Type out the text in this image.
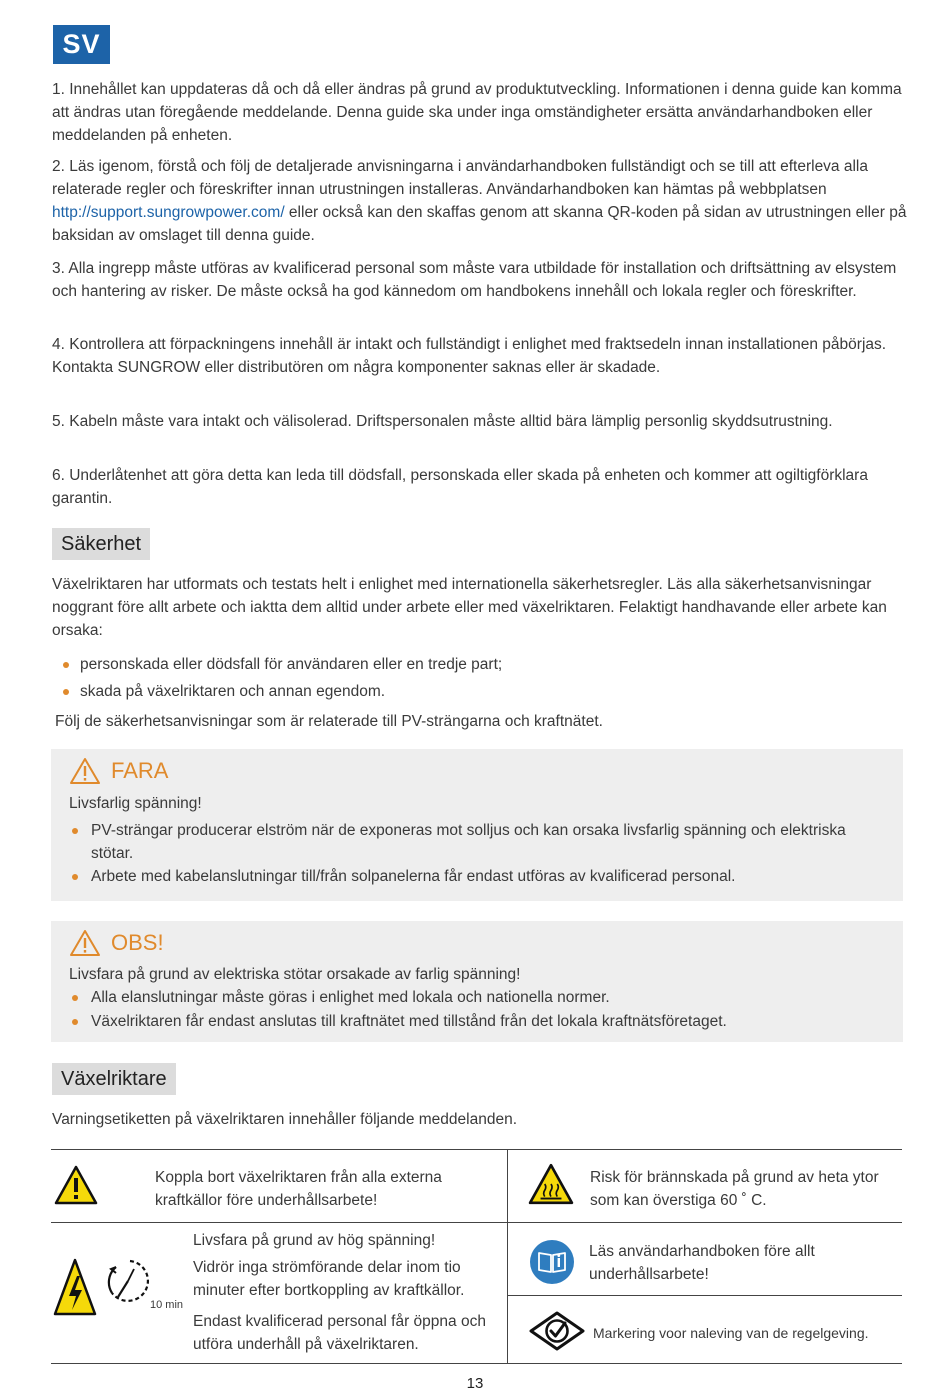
SV

1. Innehållet kan uppdateras då och då eller ändras på grund av produktutveckling. Informationen i denna guide kan komma att ändras utan föregående meddelande. Denna guide ska under inga omständigheter ersätta användarhandboken eller meddelanden på enheten.

2. Läs igenom, förstå och följ de detaljerade anvisningarna i användarhandboken fullständigt och se till att efterleva alla relaterade regler och föreskrifter innan utrustningen installeras. Användarhandboken kan hämtas på webbplatsen http://support.sungrowpower.com/ eller också kan den skaffas genom att skanna QR-koden på sidan av utrustningen eller på baksidan av omslaget till denna guide.

3. Alla ingrepp måste utföras av kvalificerad personal som måste vara utbildade för installation och driftsättning av elsystem och hantering av risker. De måste också ha god kännedom om handbokens innehåll och lokala regler och föreskrifter.

4. Kontrollera att förpackningens innehåll är intakt och fullständigt i enlighet med fraktsedeln innan installationen påbörjas. Kontakta SUNGROW eller distributören om några komponenter saknas eller är skadade.

5. Kabeln måste vara intakt och välisolerad. Driftspersonalen måste alltid bära lämplig personlig skyddsutrustning.

6. Underlåtenhet att göra detta kan leda till dödsfall, personskada eller skada på enheten och kommer att ogiltigförklara garantin.

Säkerhet

Växelriktaren har utformats och testats helt i enlighet med internationella säkerhetsregler. Läs alla säkerhetsanvisningar noggrant före allt arbete och iaktta dem alltid under arbete eller med växelriktaren. Felaktigt handhavande eller arbete kan orsaka:

personskada eller dödsfall för användaren eller en tredje part;
skada på växelriktaren och annan egendom.

Följ de säkerhetsanvisningar som är relaterade till PV-strängarna och kraftnätet.

FARA
Livsfarlig spänning!
PV-strängar producerar elström när de exponeras mot solljus och kan orsaka livsfarlig spänning och elektriska stötar.
Arbete med kabelanslutningar till/från solpanelerna får endast utföras av kvalificerad personal.
OBS!
Livsfara på grund av elektriska stötar orsakade av farlig spänning!
Alla elanslutningar måste göras i enlighet med lokala och nationella normer.
Växelriktaren får endast anslutas till kraftnätet med tillstånd från det lokala kraftnätsföretaget.
Växelriktare

Varningsetiketten på växelriktaren innehåller följande meddelanden.

Koppla bort växelriktaren från alla externa kraftkällor före underhållsarbete!
Risk för brännskada på grund av heta ytor som kan överstiga 60 ˚ C.
10 min
Livsfara på grund av hög spänning!
Vidrör inga strömförande delar inom tio minuter efter bortkoppling av kraftkällor.
Endast kvalificerad personal får öppna och utföra underhåll på växelriktaren.
Läs användarhandboken före allt underhållsarbete!
Markering voor naleving van de regelgeving.
13
